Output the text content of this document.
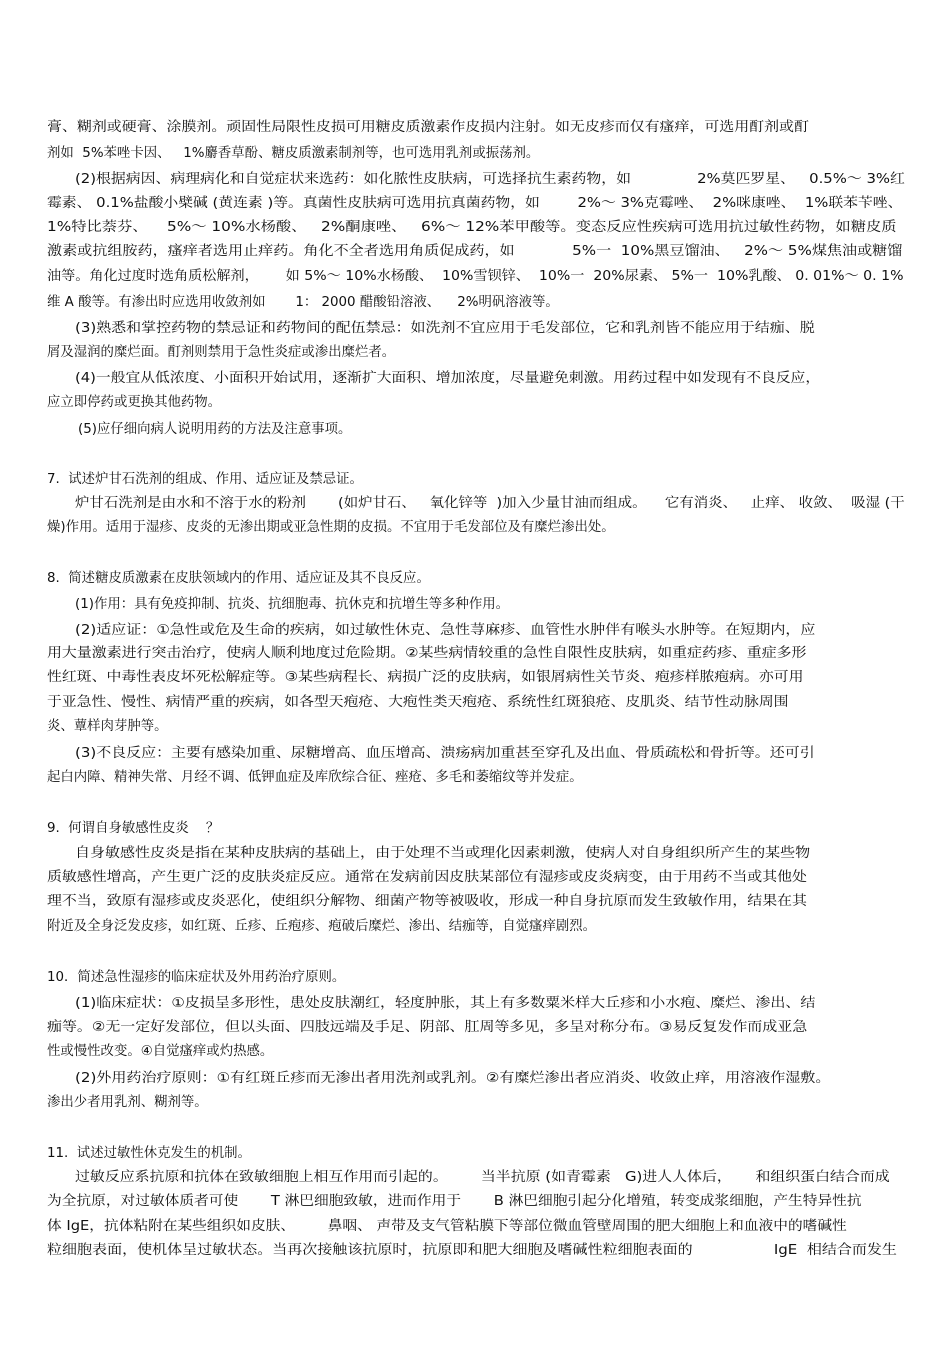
膏、糊剂或硬膏、涂膜剂。顽固性局限性皮损可用糖皮质激素作皮损内注射。如无皮疹而仅有瘙痒，可选用酊剂或酊
剂如  5%苯唑卡因、   1%麝香草酚、糖皮质激素制剂等，也可选用乳剂或振荡剂。
(2)根据病因、病理病化和自觉症状来选药：如化脓性皮肤病，可选择抗生素药物，如              2%莫匹罗星、   0.5%～ 3%红
霉素、 0.1%盐酸小檗碱 (黄连素 )等。真菌性皮肤病可选用抗真菌药物，如        2%～ 3%克霉唑、  2%咪康唑、  1%联苯苄唑、
1%特比萘芬、    5%～ 10%水杨酸、   2%酮康唑、   6%～ 12%苯甲酸等。变态反应性疾病可选用抗过敏性药物，如糖皮质
激素或抗组胺药，瘙痒者选用止痒药。角化不全者选用角质促成药，如            5%一  10%黑豆馏油、   2%～ 5%煤焦油或糖馏
油等。角化过度时选角质松解剂，      如 5%～ 10%水杨酸、  10%雪钡锌、  10%一  20%尿素、 5%一  10%乳酸、 0. 01%～ 0. 1%
维 A 酸等。有渗出时应选用收敛剂如       1： 2000 醋酸铅溶液、    2%明矾溶液等。
(3)熟悉和掌控药物的禁忌证和药物间的配伍禁忌：如洗剂不宜应用于毛发部位，它和乳剂皆不能应用于结痂、脱
屑及湿润的糜烂面。酊剂则禁用于急性炎症或渗出糜烂者。
(4)一般宜从低浓度、小面积开始试用，逐渐扩大面积、增加浓度，尽量避免刺激。用药过程中如发现有不良反应，
应立即停药或更换其他药物。
(5)应仔细向病人说明用药的方法及注意事项。
7.  试述炉甘石洗剂的组成、作用、适应证及禁忌证。
炉甘石洗剂是由水和不溶于水的粉剂       (如炉甘石、   氧化锌等  )加入少量甘油而组成。    它有消炎、   止痒、 收敛、  吸湿 (干
燥)作用。适用于湿疹、皮炎的无渗出期或亚急性期的皮损。不宜用于毛发部位及有糜烂渗出处。
8.  简述糖皮质激素在皮肤领域内的作用、适应证及其不良反应。
(1)作用：具有免疫抑制、抗炎、抗细胞毒、抗休克和抗增生等多种作用。
(2)适应证：①急性或危及生命的疾病，如过敏性休克、急性荨麻疹、血管性水肿伴有喉头水肿等。在短期内，应
用大量激素进行突击治疗，使病人顺利地度过危险期。②某些病情较重的急性自限性皮肤病，如重症药疹、重症多形
性红斑、中毒性表皮坏死松解症等。③某些病程长、病损广泛的皮肤病，如银屑病性关节炎、疱疹样脓疱病。亦可用
于亚急性、慢性、病情严重的疾病，如各型天疱疮、大疱性类天疱疮、系统性红斑狼疮、皮肌炎、结节性动脉周围
炎、蕈样肉芽肿等。
(3)不良反应：主要有感染加重、尿糖增高、血压增高、溃疡病加重甚至穿孔及出血、骨质疏松和骨折等。还可引
起白内障、精神失常、月经不调、低钾血症及库欣综合征、痤疮、多毛和萎缩纹等并发症。
9.  何谓自身敏感性皮炎    ？
自身敏感性皮炎是指在某种皮肤病的基础上，由于处理不当或理化因素刺激，使病人对自身组织所产生的某些物
质敏感性增高，产生更广泛的皮肤炎症反应。通常在发病前因皮肤某部位有湿疹或皮炎病变，由于用药不当或其他处
理不当，致原有湿疹或皮炎恶化，使组织分解物、细菌产物等被吸收，形成一种自身抗原而发生致敏作用，结果在其
附近及全身泛发皮疹，如红斑、丘疹、丘疱疹、疱破后糜烂、渗出、结痂等，自觉瘙痒剧烈。
10．简述急性湿疹的临床症状及外用药治疗原则。
(1)临床症状：①皮损呈多形性，患处皮肤潮红，轻度肿胀，其上有多数粟米样大丘疹和小水疱、糜烂、渗出、结
痂等。②无一定好发部位，但以头面、四肢远端及手足、阴部、肛周等多见，多呈对称分布。③易反复发作而成亚急
性或慢性改变。④自觉瘙痒或灼热感。
(2)外用药治疗原则：①有红斑丘疹而无渗出者用洗剂或乳剂。②有糜烂渗出者应消炎、收敛止痒，用溶液作湿敷。
渗出少者用乳剂、糊剂等。
11.  试述过敏性休克发生的机制。
过敏反应系抗原和抗体在致敏细胞上相互作用而引起的。       当半抗原 (如青霉素   G)进人人体后，     和组织蛋白结合而成
为全抗原，对过敏体质者可使       T 淋巴细胞致敏，进而作用于       B 淋巴细胞引起分化增殖，转变成浆细胞，产生特异性抗
体 IgE，抗体粘附在某些组织如皮肤、       鼻咽、 声带及支气管粘膜下等部位微血管壁周围的肥大细胞上和血液中的嗜碱性
粒细胞表面，使机体呈过敏状态。当再次接触该抗原时，抗原即和肥大细胞及嗜碱性粒细胞表面的                 IgE  相结合而发生
